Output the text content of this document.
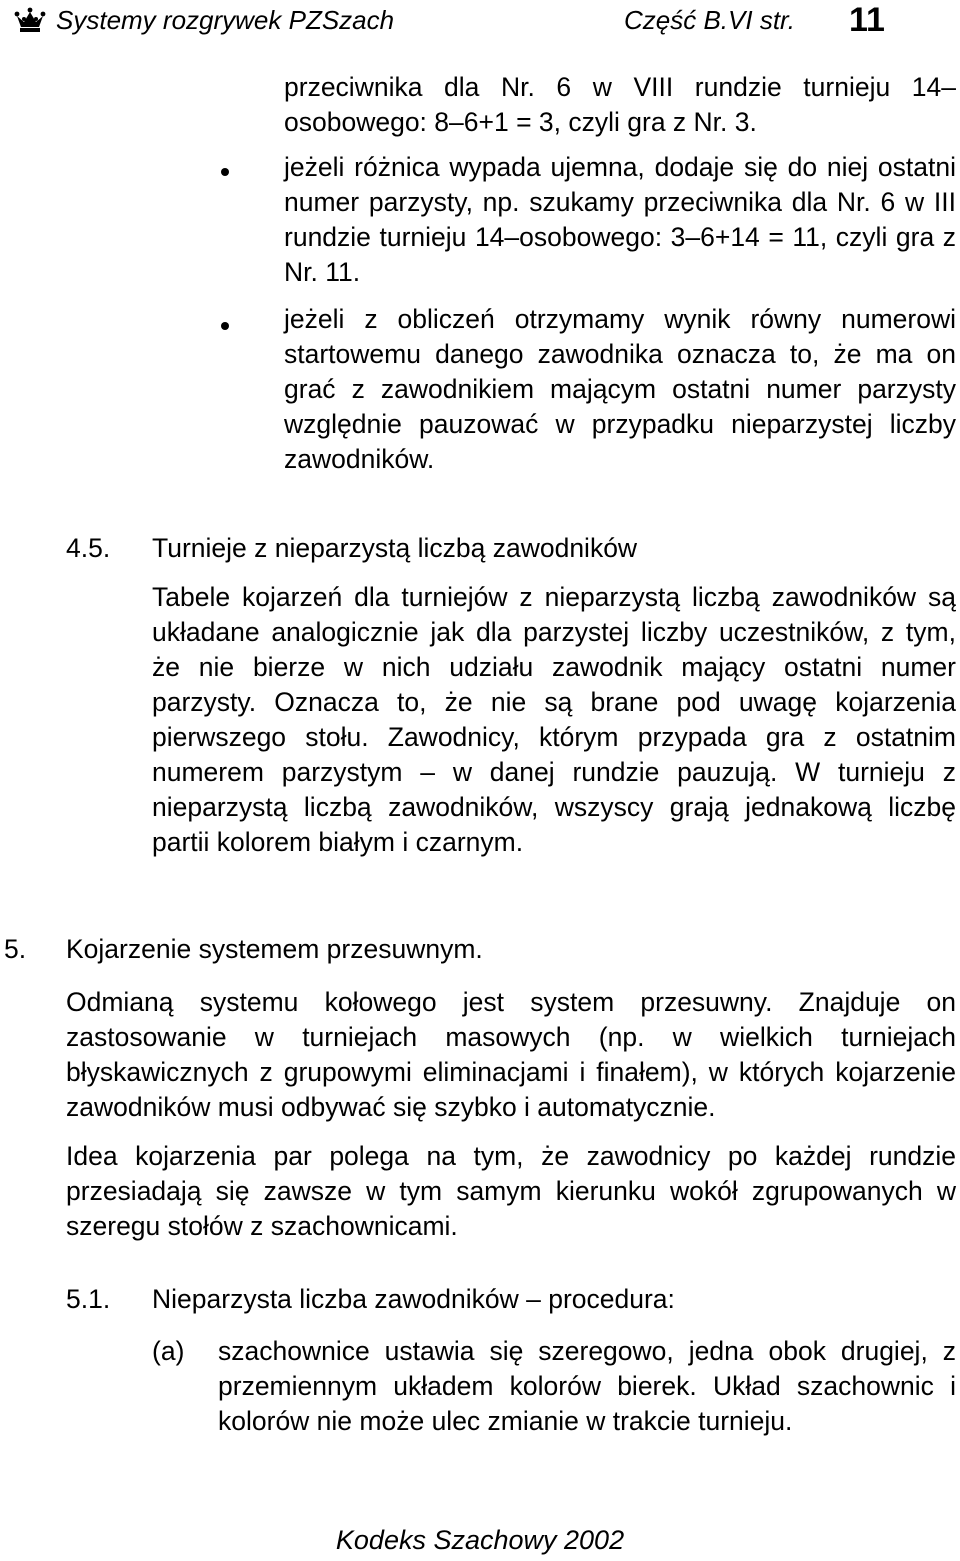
Systemy rozgrywek PZSzach	Część B.VI str. 11

przeciwnika dla Nr. 6 w VIII rundzie turnieju 14–osobowego: 8–6+1 = 3, czyli gra z Nr. 3.

jeżeli różnica wypada ujemna, dodaje się do niej ostatni numer parzysty, np. szukamy przeciwnika dla Nr. 6 w III rundzie turnieju 14–osobowego: 3–6+14 = 11, czyli gra z Nr. 11.

jeżeli z obliczeń otrzymamy wynik równy numerowi startowemu danego zawodnika oznacza to, że ma on grać z zawodnikiem mającym ostatni numer parzysty względnie pauzować w przypadku nieparzystej liczby zawodników.

4.5. Turnieje z nieparzystą liczbą zawodników

Tabele kojarzeń dla turniejów z nieparzystą liczbą zawodników są układane analogicznie jak dla parzystej liczby uczestników, z tym, że nie bierze w nich udziału zawodnik mający ostatni numer parzysty. Oznacza to, że nie są brane pod uwagę kojarzenia pierwszego stołu. Zawodnicy, którym przypada gra z ostatnim numerem parzystym – w danej rundzie pauzują. W turnieju z nieparzystą liczbą zawodników, wszyscy grają jednakową liczbę partii kolorem białym i czarnym.

5. Kojarzenie systemem przesuwnym.

Odmianą systemu kołowego jest system przesuwny. Znajduje on zastosowanie w turniejach masowych (np. w wielkich turniejach błyskawicznych z grupowymi eliminacjami i finałem), w których kojarzenie zawodników musi odbywać się szybko i automatycznie.

Idea kojarzenia par polega na tym, że zawodnicy po każdej rundzie przesiadają się zawsze w tym samym kierunku wokół zgrupowanych w szeregu stołów z szachownicami.

5.1. Nieparzysta liczba zawodników – procedura:
(a) szachownice ustawia się szeregowo, jedna obok drugiej, z przemiennym układem kolorów bierek. Układ szachownic i kolorów nie może ulec zmianie w trakcie turnieju.

Kodeks Szachowy 2002
